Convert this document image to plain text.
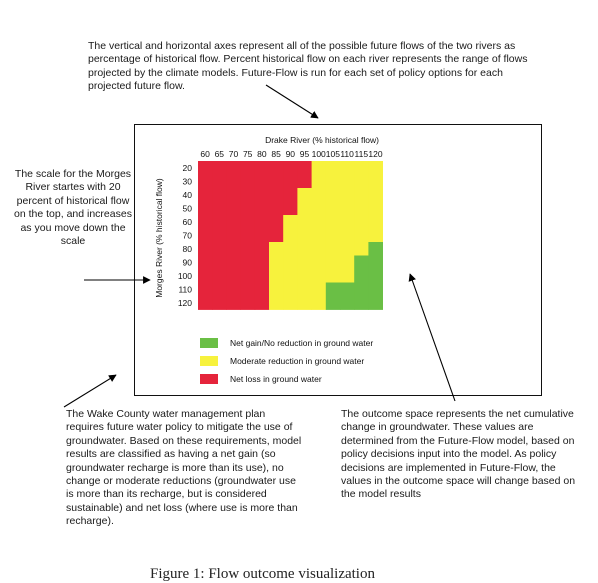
The vertical and horizontal axes represent all of the possible future flows of the two rivers as percentage of historical flow. Percent historical flow on each river represents the range of flows projected by the climate models. Future-Flow is run for each set of policy options for each projected future flow.
The scale for the Morges River startes with 20 percent of historical flow on the top, and increases as you move down the scale
The Wake County water management plan requires future water policy to mitigate the use of groundwater. Based on these requirements, model results are classified as having a net gain (so groundwater recharge is more than its use), no change or moderate reductions (groundwater use is more than its recharge, but is considered sustainable) and net loss (where use is more than recharge).
The outcome space represents the net cumulative change in groundwater. These values are determined from the Future-Flow model, based on policy decisions input into the model. As policy decisions are implemented in Future-Flow, the values in the outcome space will change based on the model results
Drake River (% historical flow)
Morges River (% historical flow)
60 65 70 75 80 85 90 95 100 105 110 115 120
20
30
40
50
60
70
80
90
100
110
120
Net gain/No reduction in ground water
Moderate reduction in ground water
Net loss in ground water
Figure 1: Flow outcome visualization
